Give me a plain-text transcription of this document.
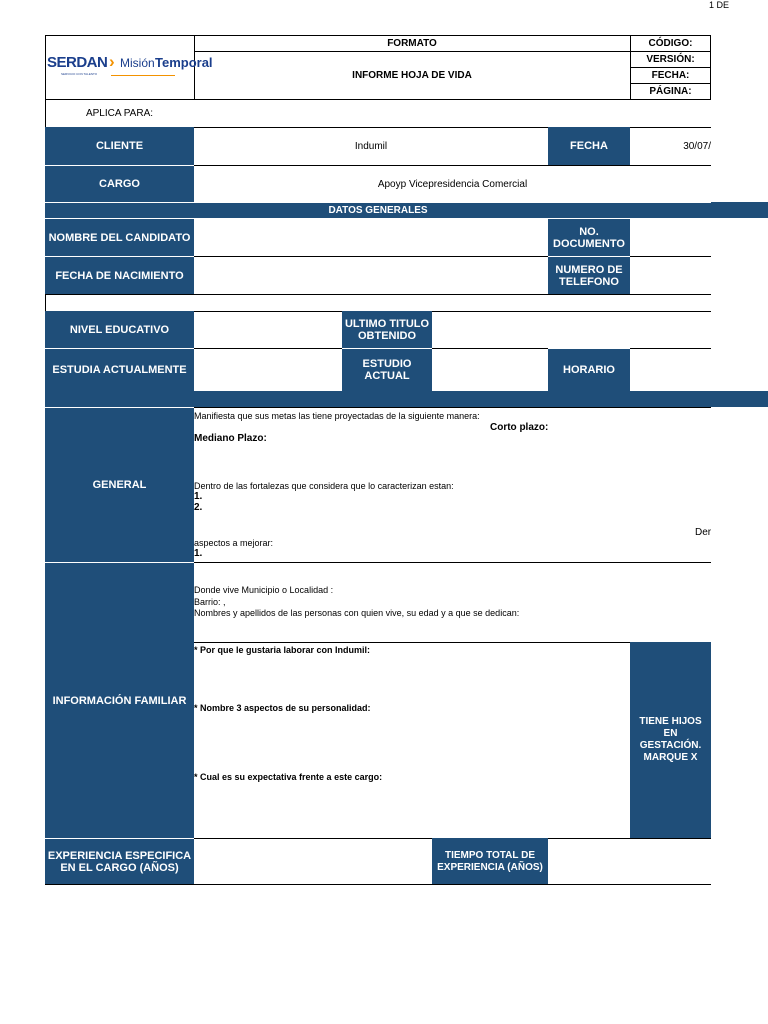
1 DE
SERDAN › Misión Temporal
SERVICIO CON TALENTO
FORMATO
INFORME HOJA DE VIDA
CÓDIGO:
VERSIÓN:
FECHA:
PÁGINA:
APLICA PARA:
CLIENTE	Indumil	FECHA	30/07/
CARGO	Apoyp Vicepresidencia Comercial
DATOS GENERALES
NOMBRE DEL CANDIDATO	NO. DOCUMENTO
FECHA DE NACIMIENTO	NUMERO DE TELEFONO
NIVEL EDUCATIVO	ULTIMO TITULO OBTENIDO
ESTUDIA ACTUALMENTE	ESTUDIO ACTUAL	HORARIO
GENERAL
Manifiesta que sus metas las tiene proyectadas de la siguiente manera:
Corto plazo:
Mediano Plazo:
Dentro de las fortalezas que considera que lo caracterizan estan:
1.
2.
Der
aspectos a mejorar:
1.
INFORMACIÓN FAMILIAR
Donde vive Municipio o Localidad :
Barrio: ,
Nombres y apellidos de las personas con quien vive, su edad y a que se dedican:
* Por que le gustaria laborar con Indumil:
* Nombre 3 aspectos de su personalidad:
* Cual es su expectativa frente a este cargo:
TIENE HIJOS EN GESTACIÓN. MARQUE X
EXPERIENCIA ESPECIFICA EN EL CARGO (AÑOS)
TIEMPO TOTAL DE EXPERIENCIA (AÑOS)
